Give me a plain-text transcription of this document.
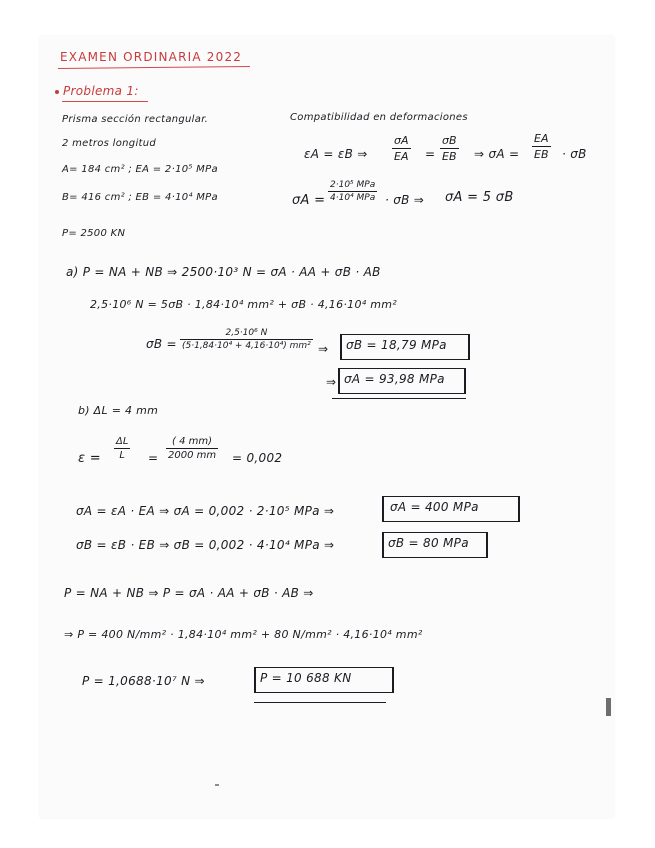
EXAMEN ORDINARIA 2022
Problema 1:
Prisma sección rectangular.
2 metros longitud
A= 184 cm² ; EA = 2·10⁵ MPa
B= 416 cm² ; EB = 4·10⁴ MPa
P= 2500 KN
Compatibilidad en deformaciones
εA = εB ⇒
σA
EA =
σB
EB ⇒ σA =
EA
EB · σB
σA =
2·10⁵ MPa
4·10⁴ MPa · σB ⇒ σA = 5 σB
a) P = NA + NB ⇒ 2500·10³ N = σA · AA + σB · AB
2,5·10⁶ N = 5σB · 1,84·10⁴ mm² + σB · 4,16·10⁴ mm²
σB =
2,5·10⁶ N
(5·1,84·10⁴ + 4,16·10⁴) mm² ⇒ σB = 18,79 MPa
⇒ σA = 93,98 MPa
b) ΔL = 4 mm
ε =
ΔL
L	=
( 4 mm)
2000 mm = 0,002
σA = εA · EA ⇒ σA = 0,002 · 2·10⁵ MPa ⇒	σA = 400 MPa
σB = εB · EB ⇒ σB = 0,002 · 4·10⁴ MPa ⇒	σB = 80 MPa
P = NA + NB ⇒ P = σA · AA + σB · AB ⇒
⇒ P = 400 N/mm² · 1,84·10⁴ mm² + 80 N/mm² · 4,16·10⁴ mm²
P = 1,0688·10⁷ N ⇒	P = 10 688 KN
